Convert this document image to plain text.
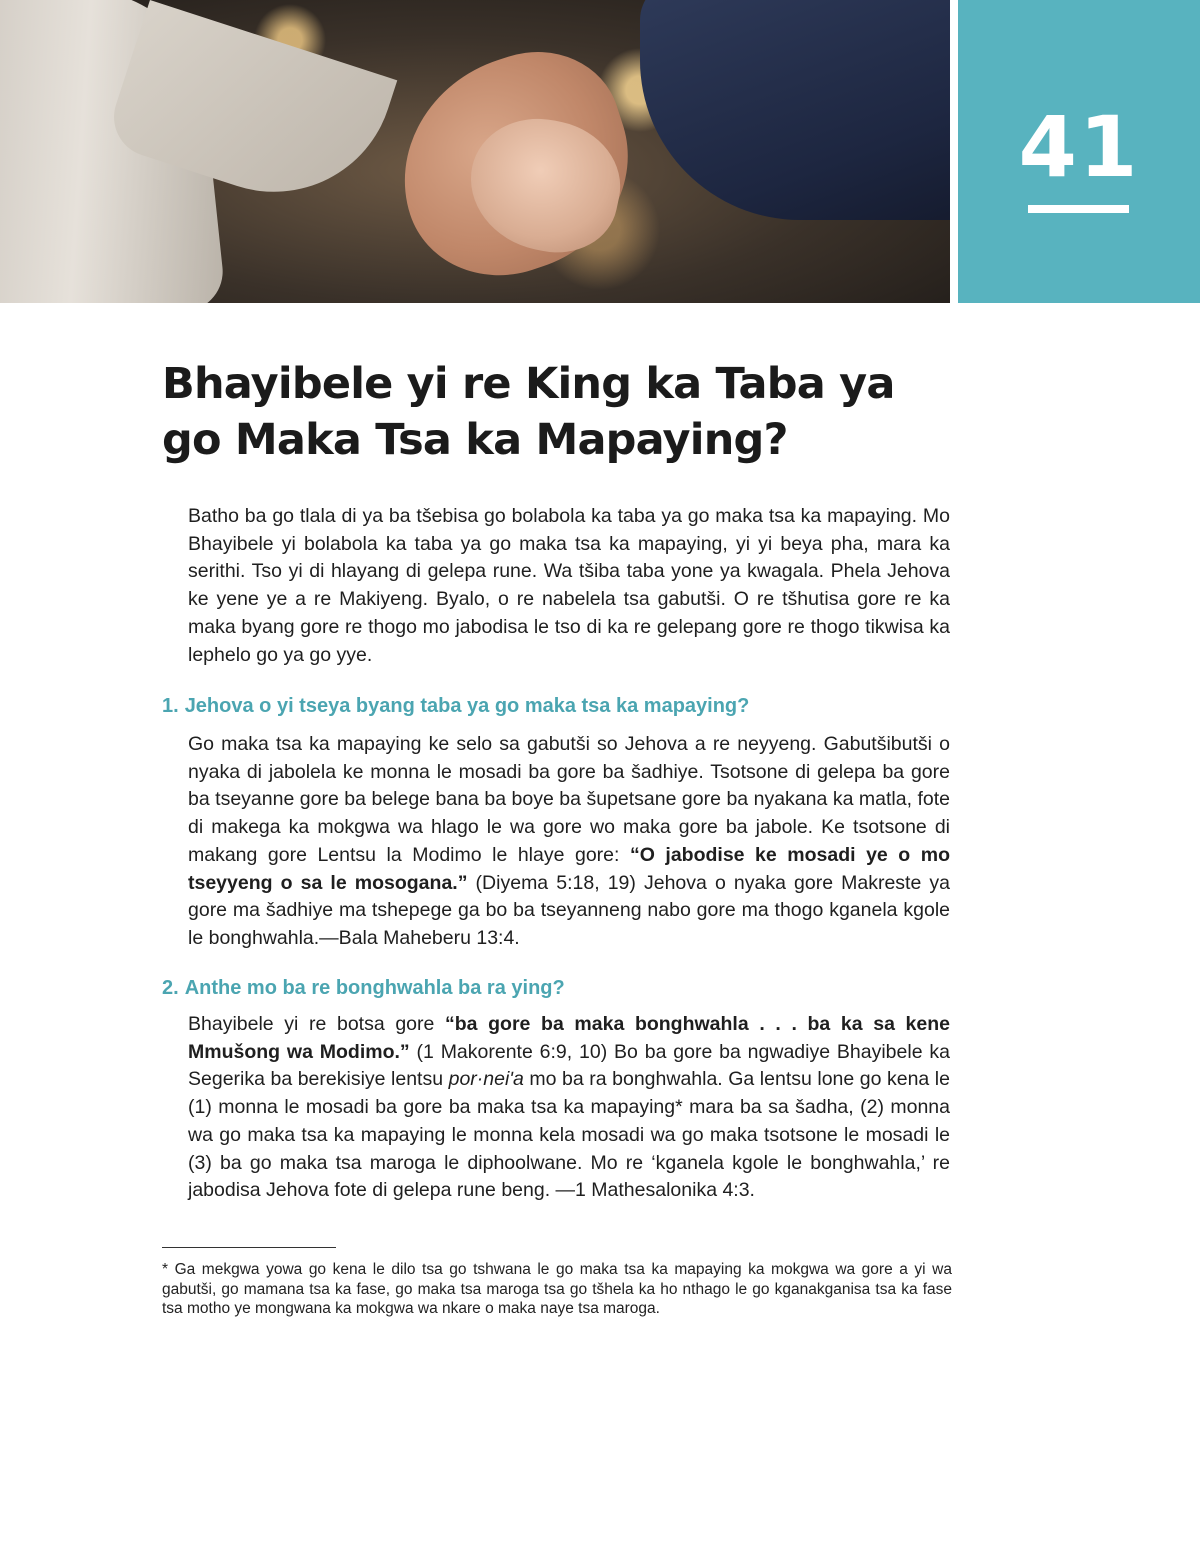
41
Bhayibele yi re King ka Taba ya go Maka Tsa ka Mapaying?

Batho ba go tlala di ya ba tšebisa go bolabola ka taba ya go maka tsa ka mapaying. Mo Bhayibele yi bolabola ka taba ya go maka tsa ka mapaying, yi yi beya pha, mara ka serithi. Tso yi di hlayang di gelepa rune. Wa tšiba taba yone ya kwagala. Phela Jehova ke yene ye a re Makiyeng. Byalo, o re nabelela tsa gabutši. O re tšhutisa gore re ka maka byang gore re thogo mo jabodisa le tso di ka re gelepang gore re thogo tikwisa ka lephelo go ya go yye.

1. Jehova o yi tseya byang taba ya go maka tsa ka mapaying?

Go maka tsa ka mapaying ke selo sa gabutši so Jehova a re neyyeng. Gabutšibutši o nyaka di jabolela ke monna le mosadi ba gore ba šadhiye. Tsotsone di gelepa ba gore ba tseyanne gore ba belege bana ba boye ba šupetsane gore ba nyakana ka matla, fote di makega ka mokgwa wa hlago le wa gore wo maka gore ba jabole. Ke tsotsone di makang gore Lentsu la Modimo le hlaye gore: “O jabodise ke mosadi ye o mo tseyyeng o sa le mosogana.” (Diyema 5:18, 19) Jehova o nyaka gore Makreste ya gore ma šadhiye ma tshepege ga bo ba tseyanneng nabo gore ma thogo kganela kgole le bonghwahla.—Bala Maheberu 13:4.

2. Anthe mo ba re bonghwahla ba ra ying?

Bhayibele yi re botsa gore “ba gore ba maka bonghwahla . . . ba ka sa kene Mmušong wa Modimo.” (1 Makorente 6:9, 10) Bo ba gore ba ngwadiye Bhayibele ka Segerika ba berekisiye lentsu por·neiʹa mo ba ra bonghwahla. Ga lentsu lone go kena le (1) monna le mosadi ba gore ba maka tsa ka mapaying* mara ba sa šadha, (2) monna wa go maka tsa ka mapaying le monna kela mosadi wa go maka tsotsone le mosadi le (3) ba go maka tsa maroga le diphoolwane. Mo re ‘kganela kgole le bonghwahla,’ re jabodisa Jehova fote di gelepa rune beng. —1 Mathesalonika 4:3.

* Ga mekgwa yowa go kena le dilo tsa go tshwana le go maka tsa ka mapaying ka mokgwa wa gore a yi wa gabutši, go mamana tsa ka fase, go maka tsa maroga tsa go tšhela ka ho nthago le go kganakganisa tsa ka fase tsa motho ye mongwana ka mokgwa wa nkare o maka naye tsa maroga.
